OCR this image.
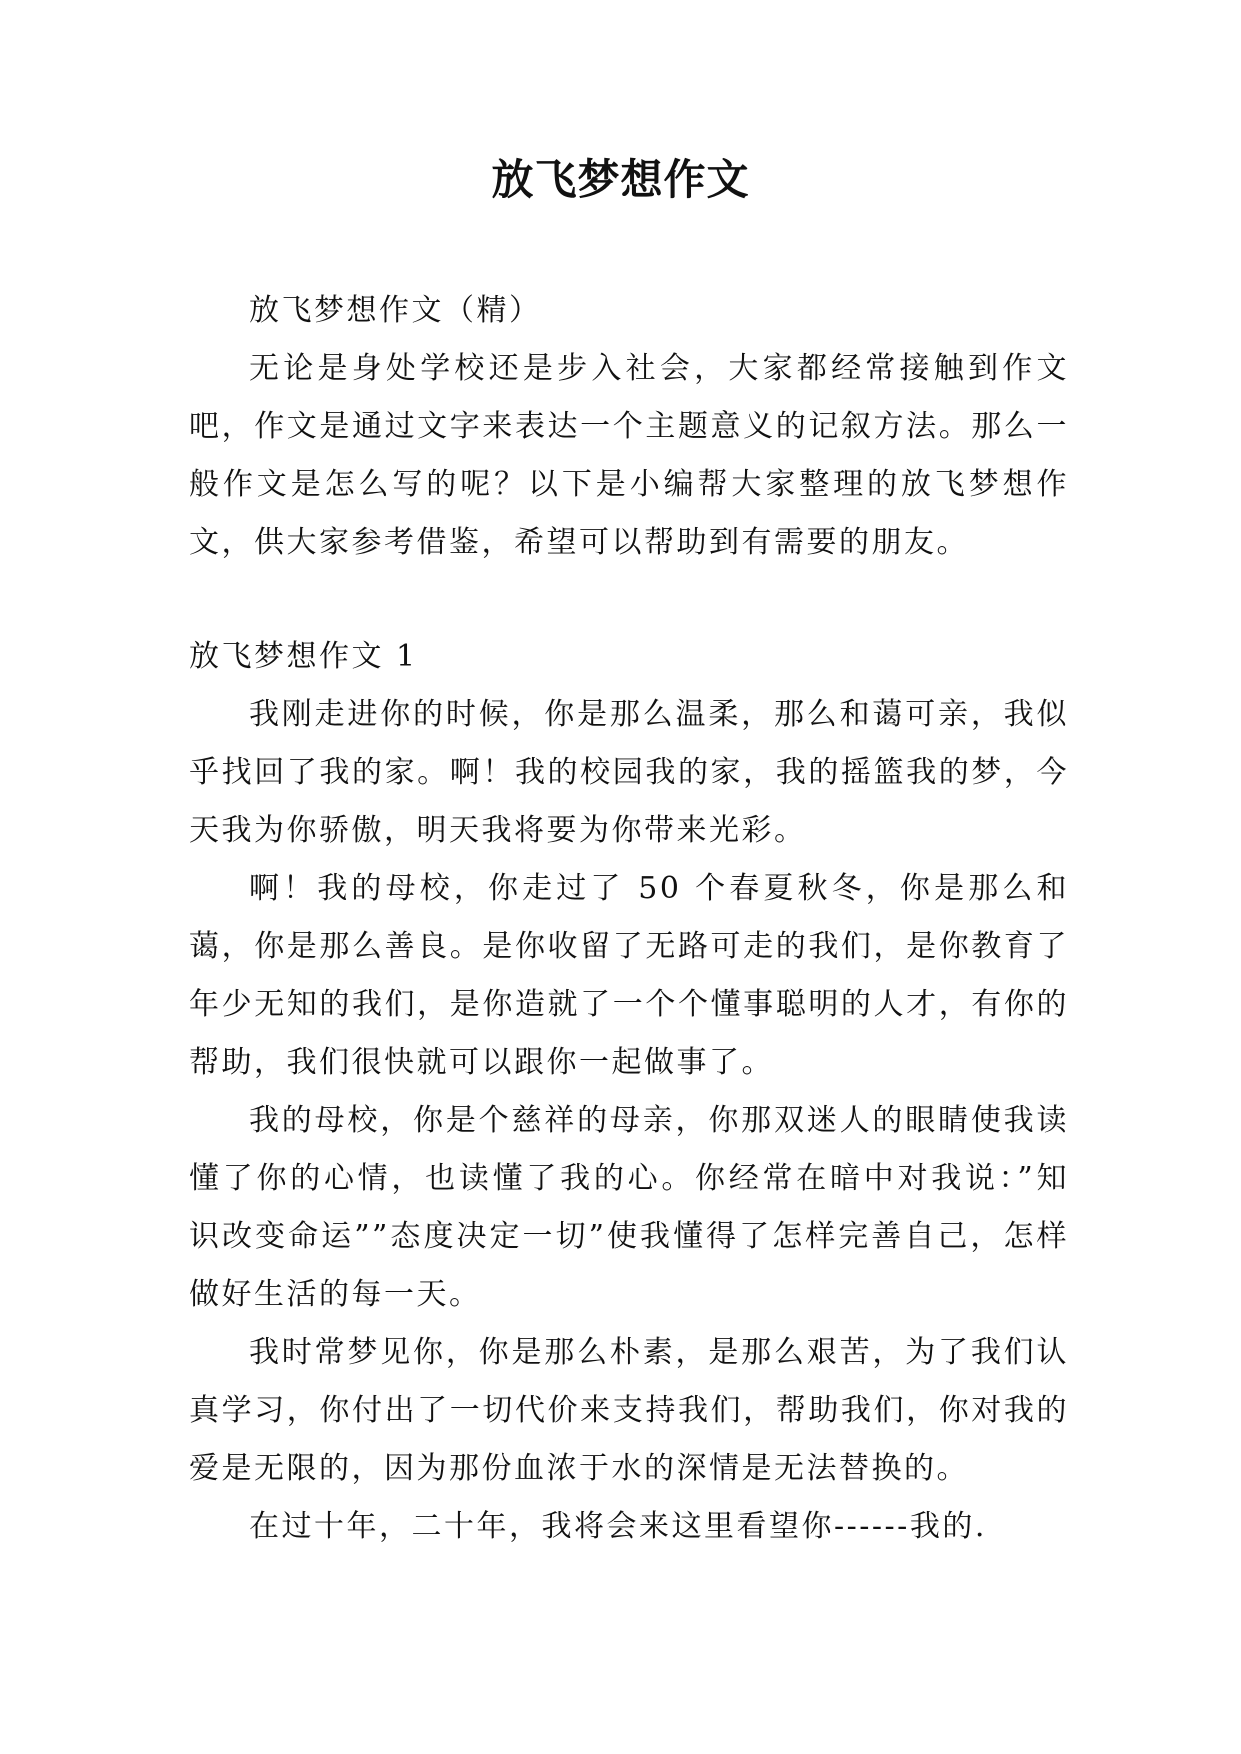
放飞梦想作文

放飞梦想作文（精）

无论是身处学校还是步入社会，大家都经常接触到作文吧，作文是通过文字来表达一个主题意义的记叙方法。那么一般作文是怎么写的呢？以下是小编帮大家整理的放飞梦想作文，供大家参考借鉴，希望可以帮助到有需要的朋友。

放飞梦想作文 1

我刚走进你的时候，你是那么温柔，那么和蔼可亲，我似乎找回了我的家。啊！我的校园我的家，我的摇篮我的梦，今天我为你骄傲，明天我将要为你带来光彩。

啊！我的母校，你走过了 50 个春夏秋冬，你是那么和蔼，你是那么善良。是你收留了无路可走的我们，是你教育了年少无知的我们，是你造就了一个个懂事聪明的人才，有你的帮助，我们很快就可以跟你一起做事了。

我的母校，你是个慈祥的母亲，你那双迷人的眼睛使我读懂了你的心情，也读懂了我的心。你经常在暗中对我说：”知识改变命运””态度决定一切”使我懂得了怎样完善自己，怎样做好生活的每一天。

我时常梦见你，你是那么朴素，是那么艰苦，为了我们认真学习，你付出了一切代价来支持我们，帮助我们，你对我的爱是无限的，因为那份血浓于水的深情是无法替换的。

在过十年，二十年，我将会来这里看望你------我的.
